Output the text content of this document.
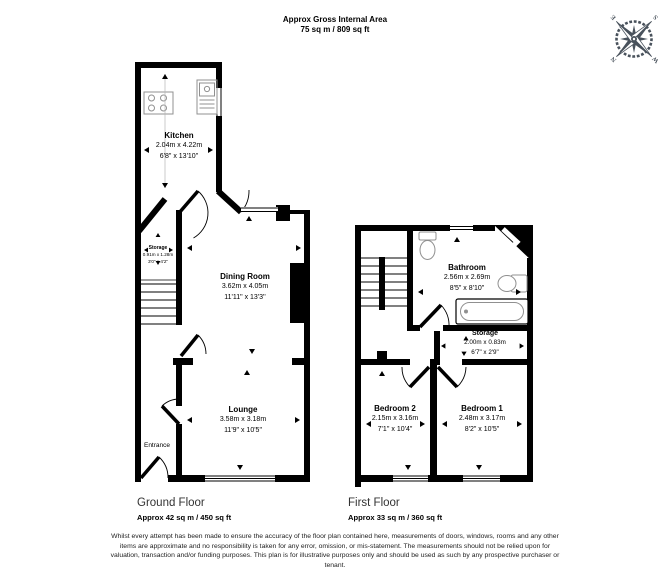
Approx Gross Internal Area
75 sq m / 809 sq ft
N
E	S
W
Kitchen
2.04m x 4.22m
6'8" x 13'10"
Storage
0.91m x 1.28m
3'0" x 4'2"
Dining Room
3.62m x 4.05m
11'11" x 13'3''
Lounge
3.58m x 3.18m
11'9" x 10'5"
Entrance
Bathroom
2.56m x 2.69m
8'5" x 8'10"
Storage
2.00m x 0.83m
6'7" x 2'9"
Bedroom 2
2.15m x 3.16m
7'1'' x 10'4"
Bedroom 1
2.48m x 3.17m
8'2" x 10'5"
Ground Floor
Approx 42 sq m / 450 sq ft
First Floor
Approx 33 sq m / 360 sq ft
Whilst every attempt has been made to ensure the accuracy of the floor plan contained here, measurements of doors, windows, rooms and any other items are approximate and no responsibility is taken for any error, omission, or mis-statement. The measurements should not be relied upon for valuation, transaction and/or funding purposes. This plan is for illustrative purposes only and should be used as such by any prospective purchaser or tenant.
